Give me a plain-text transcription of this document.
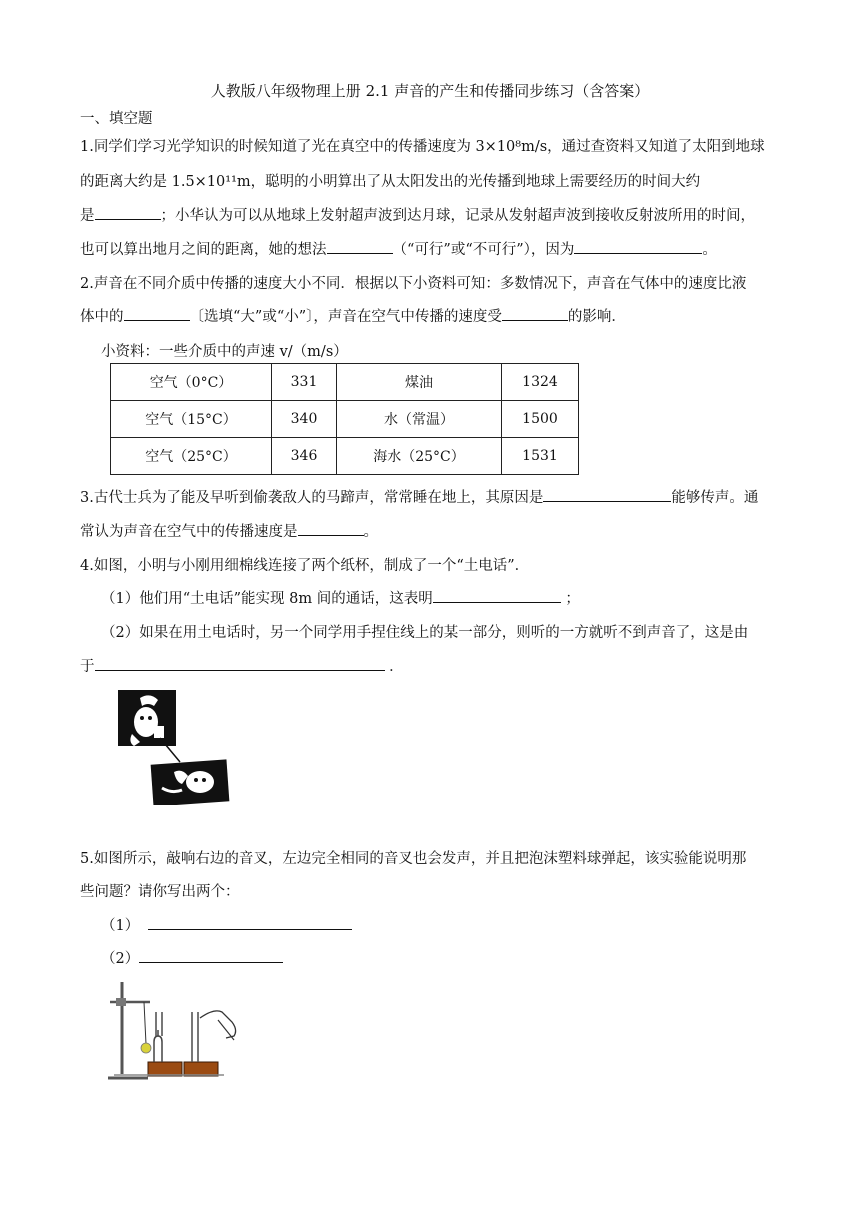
人教版八年级物理上册 2.1 声音的产生和传播同步练习（含答案）
一、填空题
1.同学们学习光学知识的时候知道了光在真空中的传播速度为 3×10⁸m/s，通过查资料又知道了太阳到地球
的距离大约是 1.5×10¹¹m，聪明的小明算出了从太阳发出的光传播到地球上需要经历的时间大约
是	；小华认为可以从地球上发射超声波到达月球，记录从发射超声波到接收反射波所用的时间，
也可以算出地月之间的距离，她的想法	（“可行”或“不可行”），因为	。
2.声音在不同介质中传播的速度大小不同．根据以下小资料可知：多数情况下，声音在气体中的速度比液
体中的	〔选填“大”或“小”〕，声音在空气中传播的速度受	的影响．
小资料：一些介质中的声速 v/（m/s）
空气（0°C）	331	煤油	1324
空气（15°C）	340	水（常温）	1500
空气（25°C）	346	海水（25°C）	1531
3.古代士兵为了能及早听到偷袭敌人的马蹄声，常常睡在地上，其原因是	能够传声。通
常认为声音在空气中的传播速度是	。
4.如图，小明与小刚用细棉线连接了两个纸杯，制成了一个“土电话”．
（1）他们用“土电话”能实现 8m 间的通话，这表明	；
（2）如果在用土电话时，另一个同学用手捏住线上的某一部分，则听的一方就听不到声音了，这是由
于	．
5.如图所示，敲响右边的音叉，左边完全相同的音叉也会发声，并且把泡沫塑料球弹起，该实验能说明那
些问题？请你写出两个：
（1）
（2）
